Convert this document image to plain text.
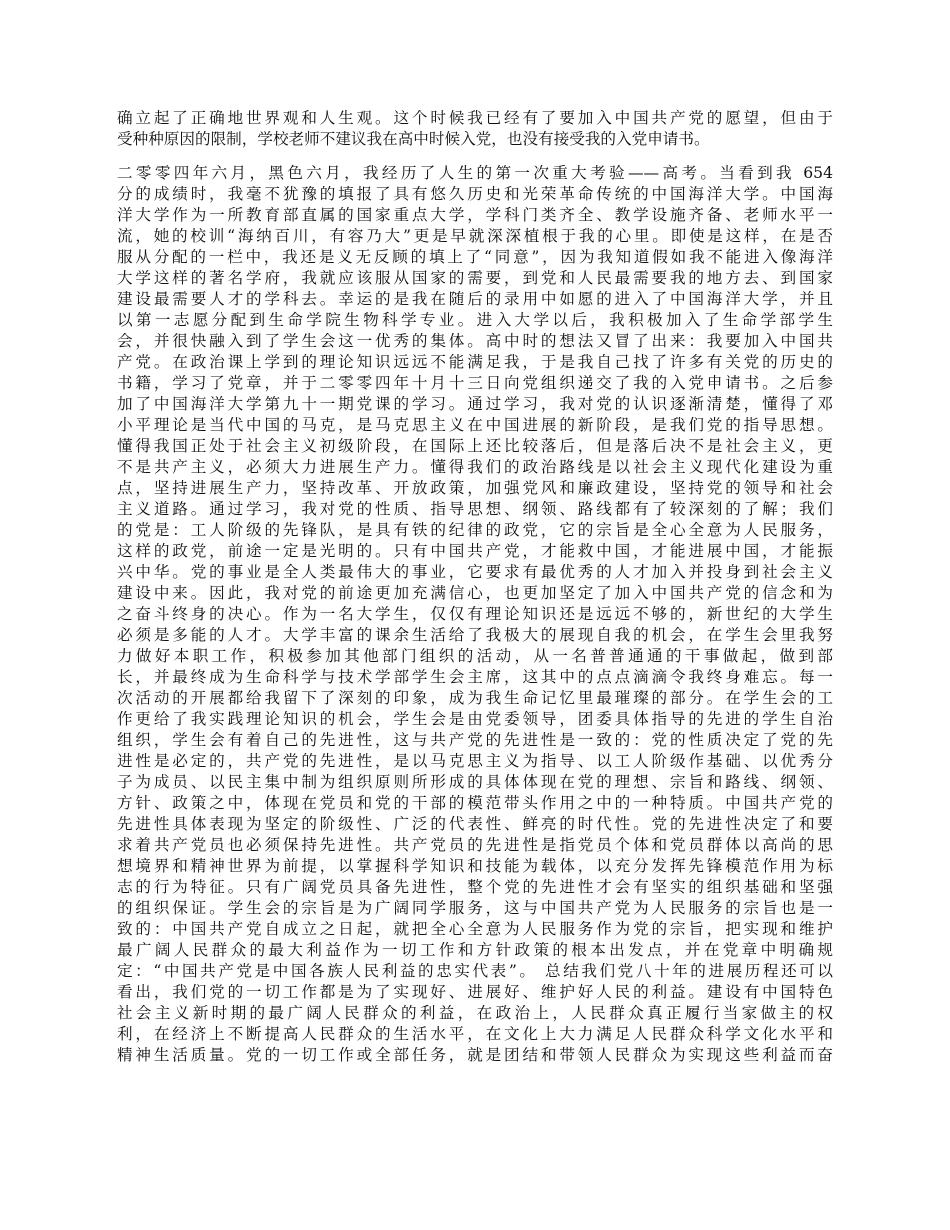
确立起了正确地世界观和人生观。这个时候我已经有了要加入中国共产党的愿望，但由于
受种种原因的限制，学校老师不建议我在高中时候入党，也没有接受我的入党申请书。
二零零四年六月，黑色六月，我经历了人生的第一次重大考验——高考。当看到我 654
分的成绩时，我毫不犹豫的填报了具有悠久历史和光荣革命传统的中国海洋大学。中国海
洋大学作为一所教育部直属的国家重点大学，学科门类齐全、教学设施齐备、老师水平一
流，她的校训“海纳百川，有容乃大”更是早就深深植根于我的心里。即使是这样，在是否
服从分配的一栏中，我还是义无反顾的填上了“同意”，因为我知道假如我不能进入像海洋
大学这样的著名学府，我就应该服从国家的需要，到党和人民最需要我的地方去、到国家
建设最需要人才的学科去。幸运的是我在随后的录用中如愿的进入了中国海洋大学，并且
以第一志愿分配到生命学院生物科学专业。进入大学以后，我积极加入了生命学部学生
会，并很快融入到了学生会这一优秀的集体。高中时的想法又冒了出来：我要加入中国共
产党。在政治课上学到的理论知识远远不能满足我，于是我自己找了许多有关党的历史的
书籍，学习了党章，并于二零零四年十月十三日向党组织递交了我的入党申请书。之后参
加了中国海洋大学第九十一期党课的学习。通过学习，我对党的认识逐渐清楚，懂得了邓
小平理论是当代中国的马克，是马克思主义在中国进展的新阶段，是我们党的指导思想。
懂得我国正处于社会主义初级阶段，在国际上还比较落后，但是落后决不是社会主义，更
不是共产主义，必须大力进展生产力。懂得我们的政治路线是以社会主义现代化建设为重
点，坚持进展生产力，坚持改革、开放政策，加强党风和廉政建设，坚持党的领导和社会
主义道路。通过学习，我对党的性质、指导思想、纲领、路线都有了较深刻的了解；我们
的党是：工人阶级的先锋队，是具有铁的纪律的政党，它的宗旨是全心全意为人民服务，
这样的政党，前途一定是光明的。只有中国共产党，才能救中国，才能进展中国，才能振
兴中华。党的事业是全人类最伟大的事业，它要求有最优秀的人才加入并投身到社会主义
建设中来。因此，我对党的前途更加充满信心，也更加坚定了加入中国共产党的信念和为
之奋斗终身的决心。作为一名大学生，仅仅有理论知识还是远远不够的，新世纪的大学生
必须是多能的人才。大学丰富的课余生活给了我极大的展现自我的机会，在学生会里我努
力做好本职工作，积极参加其他部门组织的活动，从一名普普通通的干事做起，做到部
长，并最终成为生命科学与技术学部学生会主席，这其中的点点滴滴令我终身难忘。每一
次活动的开展都给我留下了深刻的印象，成为我生命记忆里最璀璨的部分。在学生会的工
作更给了我实践理论知识的机会，学生会是由党委领导，团委具体指导的先进的学生自治
组织，学生会有着自己的先进性，这与共产党的先进性是一致的：党的性质决定了党的先
进性是必定的，共产党的先进性，是以马克思主义为指导、以工人阶级作基础、以优秀分
子为成员、以民主集中制为组织原则所形成的具体体现在党的理想、宗旨和路线、纲领、
方针、政策之中，体现在党员和党的干部的模范带头作用之中的一种特质。中国共产党的
先进性具体表现为坚定的阶级性、广泛的代表性、鲜亮的时代性。党的先进性决定了和要
求着共产党员也必须保持先进性。共产党员的先进性是指党员个体和党员群体以高尚的思
想境界和精神世界为前提，以掌握科学知识和技能为载体，以充分发挥先锋模范作用为标
志的行为特征。只有广阔党员具备先进性，整个党的先进性才会有坚实的组织基础和坚强
的组织保证。学生会的宗旨是为广阔同学服务，这与中国共产党为人民服务的宗旨也是一
致的：中国共产党自成立之日起，就把全心全意为人民服务作为党的宗旨，把实现和维护
最广阔人民群众的最大利益作为一切工作和方针政策的根本出发点，并在党章中明确规
定：“中国共产党是中国各族人民利益的忠实代表”。 总结我们党八十年的进展历程还可以
看出，我们党的一切工作都是为了实现好、进展好、维护好人民的利益。建设有中国特色
社会主义新时期的最广阔人民群众的利益，在政治上，人民群众真正履行当家做主的权
利，在经济上不断提高人民群众的生活水平，在文化上大力满足人民群众科学文化水平和
精神生活质量。党的一切工作或全部任务，就是团结和带领人民群众为实现这些利益而奋
